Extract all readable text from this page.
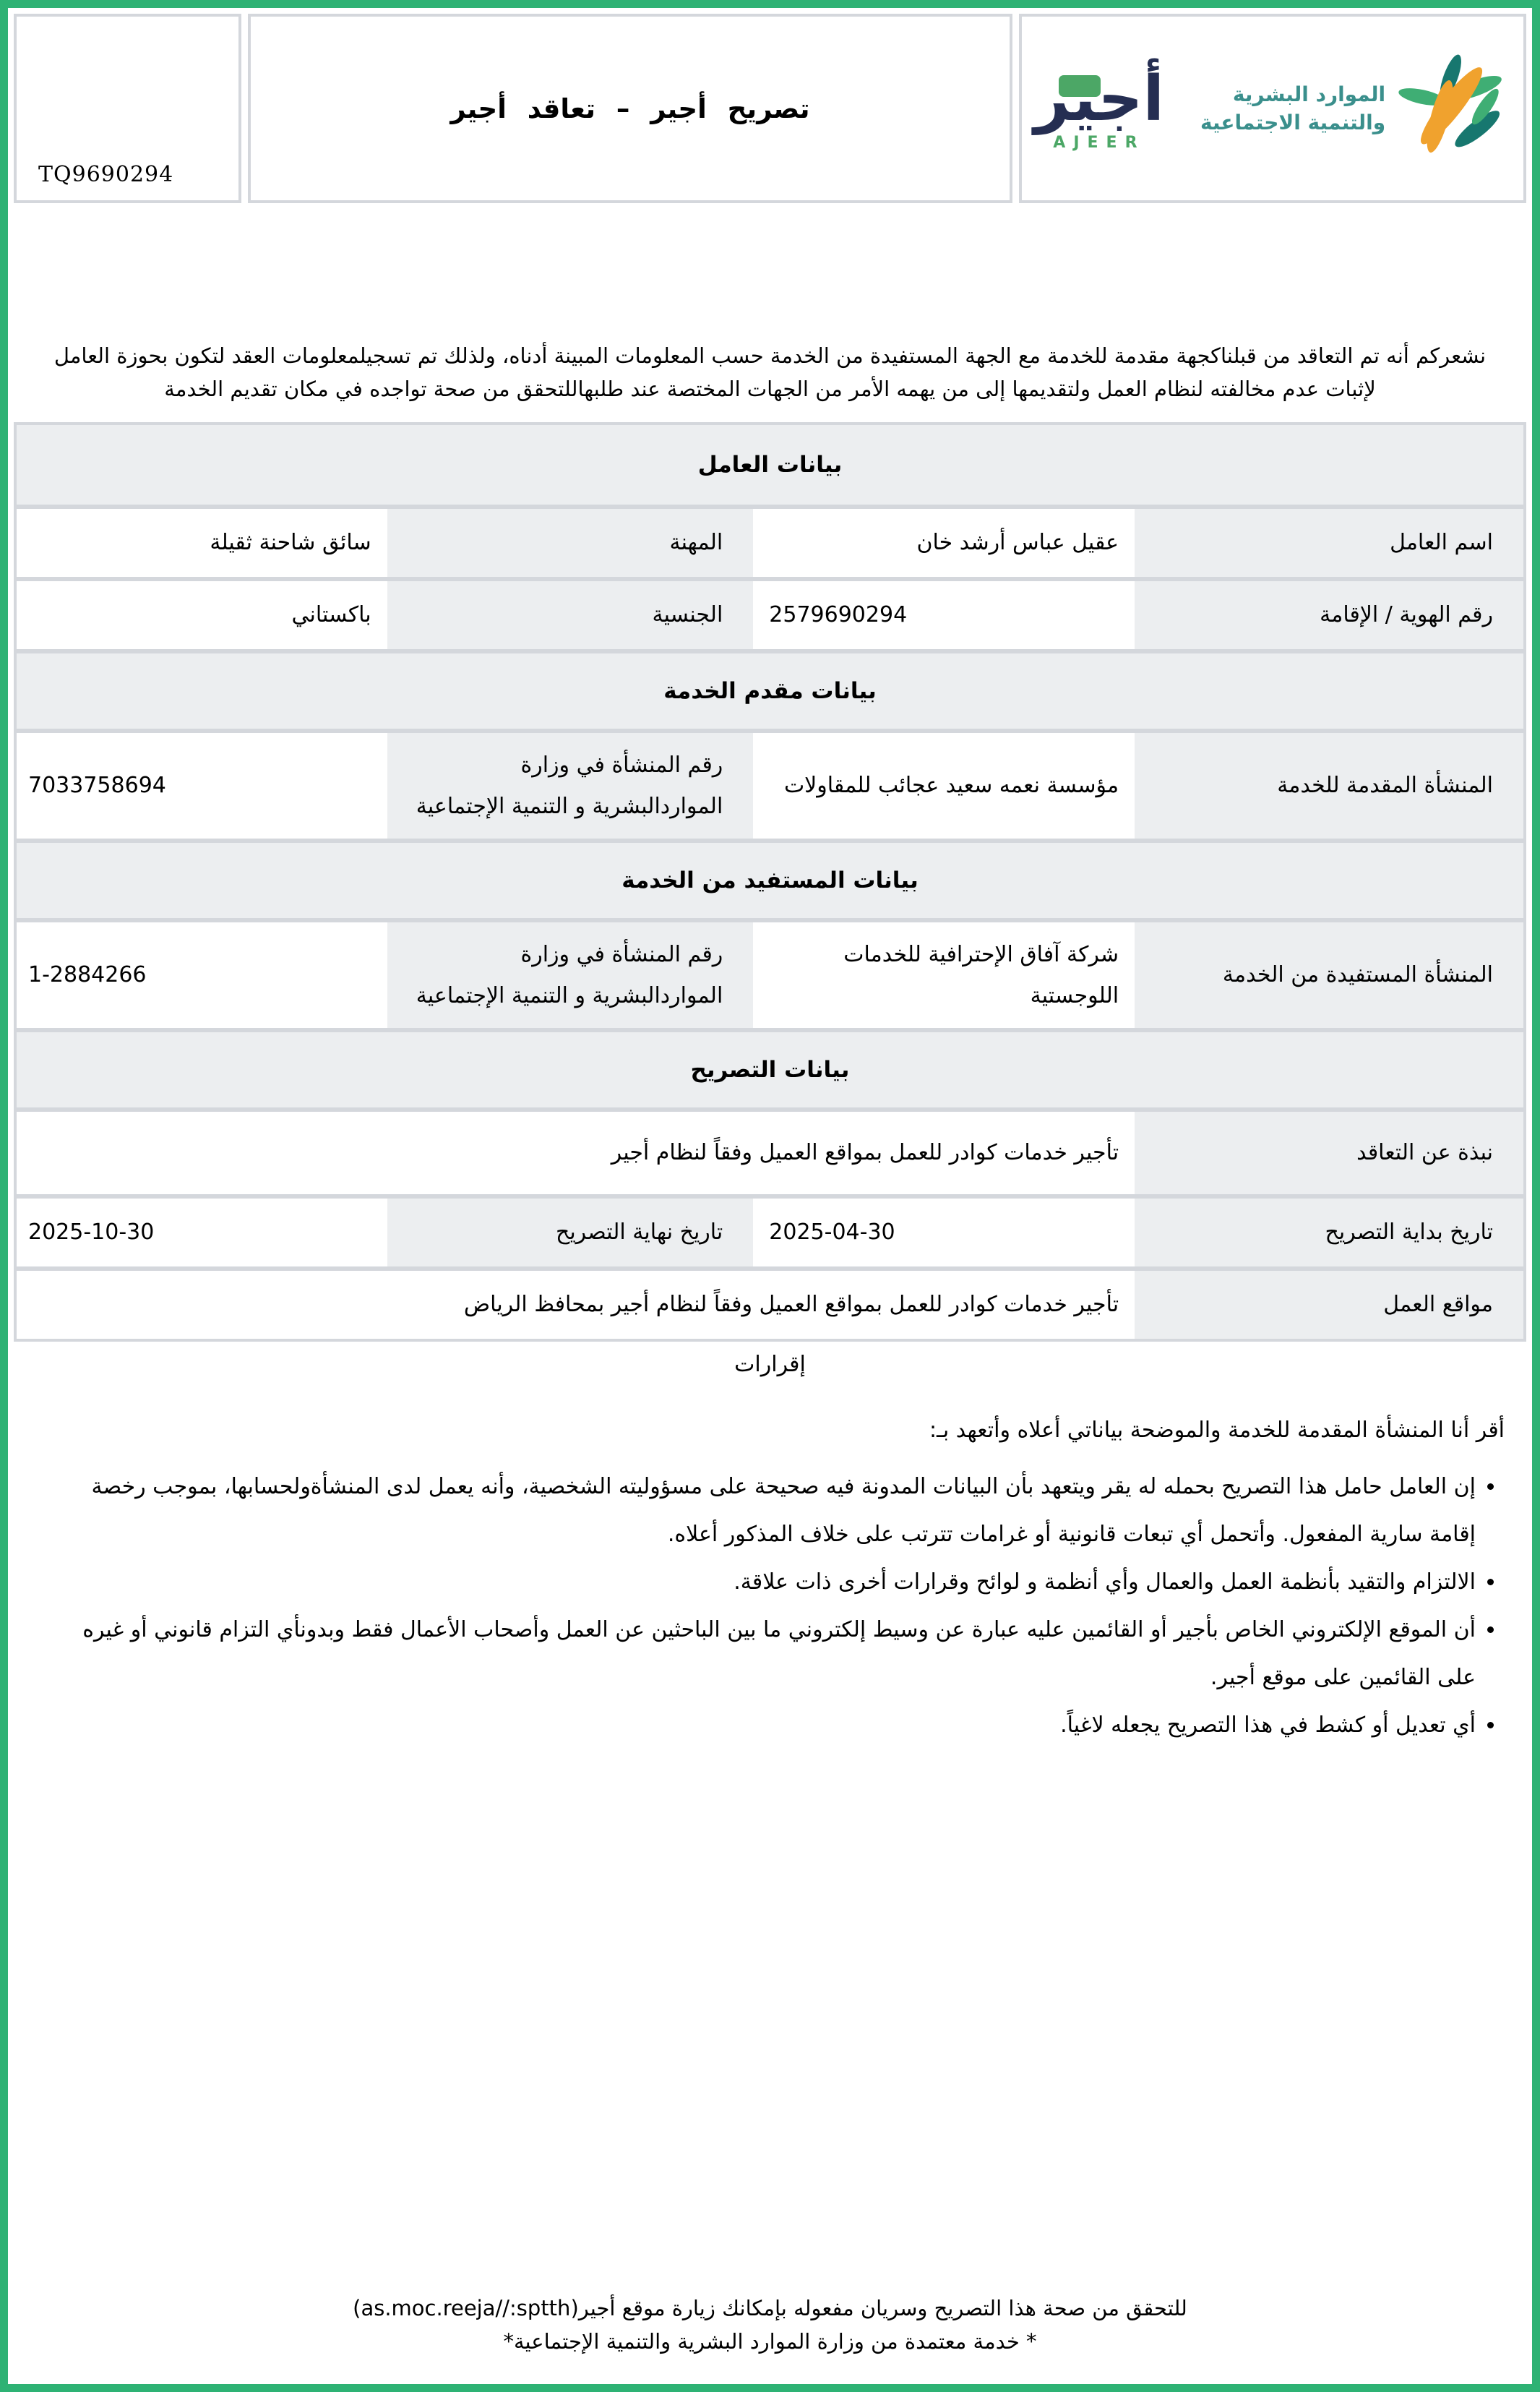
TQ9690294
تصريح أجير – تعاقد أجير	أجير
AJEER
الموارد البشرية
والتنمية الاجتماعية

نشعركم أنه تم التعاقد من قبلناكجهة مقدمة للخدمة مع الجهة المستفيدة من الخدمة حسب المعلومات المبينة أدناه، ولذلك تم تسجيلمعلومات العقد لتكون بحوزة العامل لإثبات عدم مخالفته لنظام العمل ولتقديمها إلى من يهمه الأمر من الجهات المختصة عند طلبهاللتحقق من صحة تواجده في مكان تقديم الخدمة

بيانات العامل
اسم العامل
عقيل عباس أرشد خان
المهنة
سائق شاحنة ثقيلة
رقم الهوية / الإقامة
2579690294
الجنسية
باكستاني
بيانات مقدم الخدمة
المنشأة المقدمة للخدمة
مؤسسة نعمه سعيد عجائب للمقاولات
رقم المنشأة في وزارة المواردالبشرية و التنمية الإجتماعية
7033758694
بيانات المستفيد من الخدمة
المنشأة المستفيدة من الخدمة
شركة آفاق الإحترافية للخدمات اللوجستية
رقم المنشأة في وزارة المواردالبشرية و التنمية الإجتماعية
1-2884266
بيانات التصريح
نبذة عن التعاقد
تأجير خدمات كوادر للعمل بمواقع العميل وفقاً لنظام أجير
تاريخ بداية التصريح
2025-04-30
تاريخ نهاية التصريح
2025-10-30
مواقع العمل
تأجير خدمات كوادر للعمل بمواقع العميل وفقاً لنظام أجير بمحافظ الرياض
إقرارات

أقر أنا المنشأة المقدمة للخدمة والموضحة بياناتي أعلاه وأتعهد بـ:

• إن العامل حامل هذا التصريح بحمله له يقر ويتعهد بأن البيانات المدونة فيه صحيحة على مسؤوليته الشخصية، وأنه يعمل لدى المنشأةولحسابها، بموجب رخصة إقامة سارية المفعول. وأتحمل أي تبعات قانونية أو غرامات تترتب على خلاف المذكور أعلاه.
• الالتزام والتقيد بأنظمة العمل والعمال وأي أنظمة و لوائح وقرارات أخرى ذات علاقة.
• أن الموقع الإلكتروني الخاص بأجير أو القائمين عليه عبارة عن وسيط إلكتروني ما بين الباحثين عن العمل وأصحاب الأعمال فقط وبدونأي التزام قانوني أو غيره على القائمين على موقع أجير.
• أي تعديل أو كشط في هذا التصريح يجعله لاغياً.

للتحقق من صحة هذا التصريح وسريان مفعوله بإمكانك زيارة موقع أجير(as.moc.reeja//:sptth)

* خدمة معتمدة من وزارة الموارد البشرية والتنمية الإجتماعية*
